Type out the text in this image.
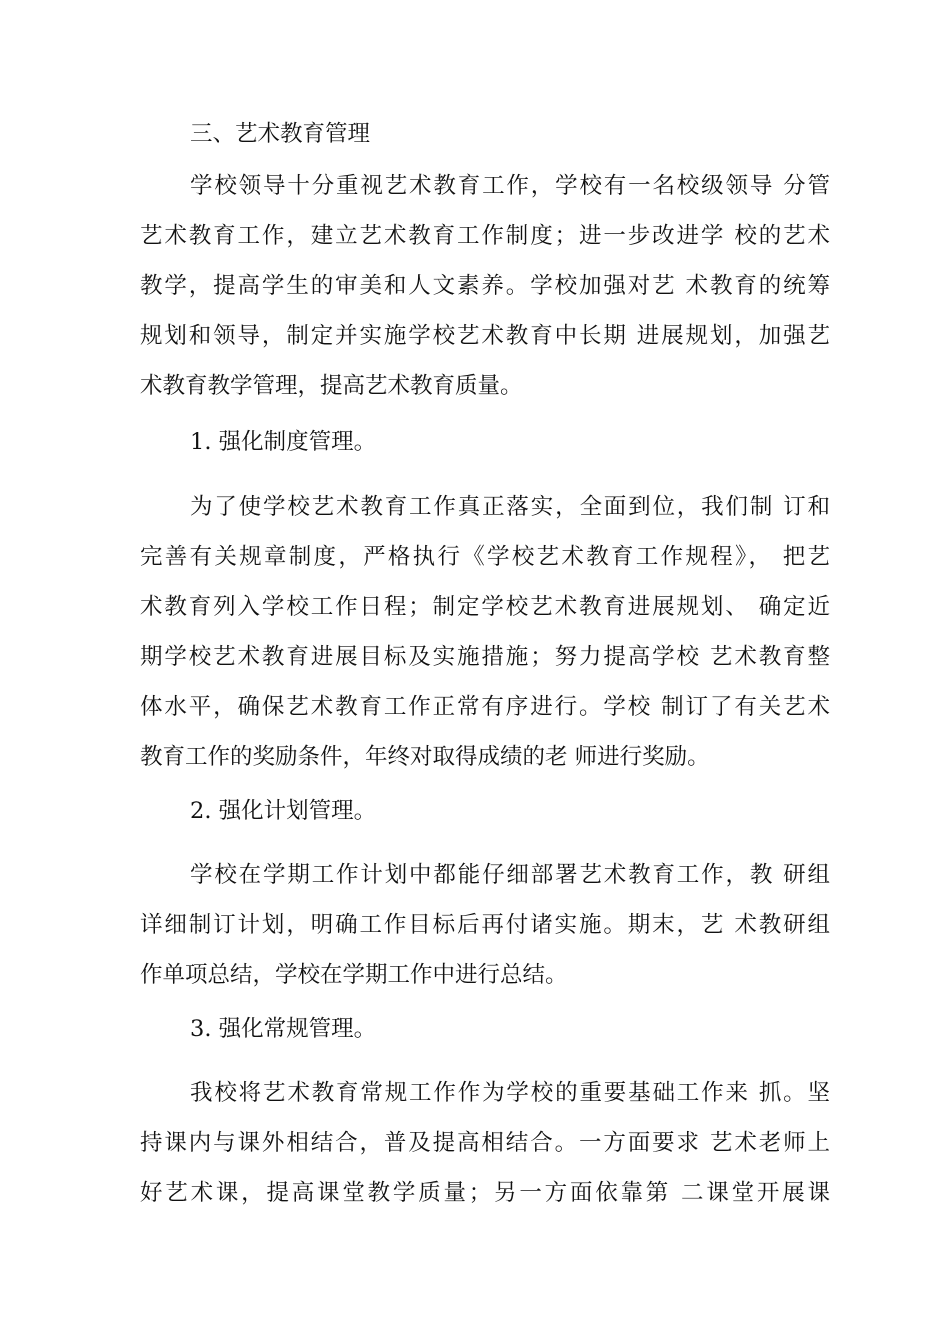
三、艺术教育管理
学校领导十分重视艺术教育工作，学校有一名校级领导 分管
艺术教育工作，建立艺术教育工作制度；进一步改进学 校的艺术
教学，提高学生的审美和人文素养。学校加强对艺 术教育的统筹
规划和领导，制定并实施学校艺术教育中长期 进展规划，加强艺
术教育教学管理，提高艺术教育质量。
1. 强化制度管理。
为了使学校艺术教育工作真正落实，全面到位，我们制 订和
完善有关规章制度，严格执行《学校艺术教育工作规程》， 把艺
术教育列入学校工作日程；制定学校艺术教育进展规划、 确定近
期学校艺术教育进展目标及实施措施；努力提高学校 艺术教育整
体水平，确保艺术教育工作正常有序进行。学校 制订了有关艺术
教育工作的奖励条件，年终对取得成绩的老 师进行奖励。
2. 强化计划管理。
学校在学期工作计划中都能仔细部署艺术教育工作，教 研组
详细制订计划，明确工作目标后再付诸实施。期末，艺 术教研组
作单项总结，学校在学期工作中进行总结。
3. 强化常规管理。
我校将艺术教育常规工作作为学校的重要基础工作来 抓。坚
持课内与课外相结合，普及提高相结合。一方面要求 艺术老师上
好艺术课，提高课堂教学质量；另一方面依靠第 二课堂开展课
